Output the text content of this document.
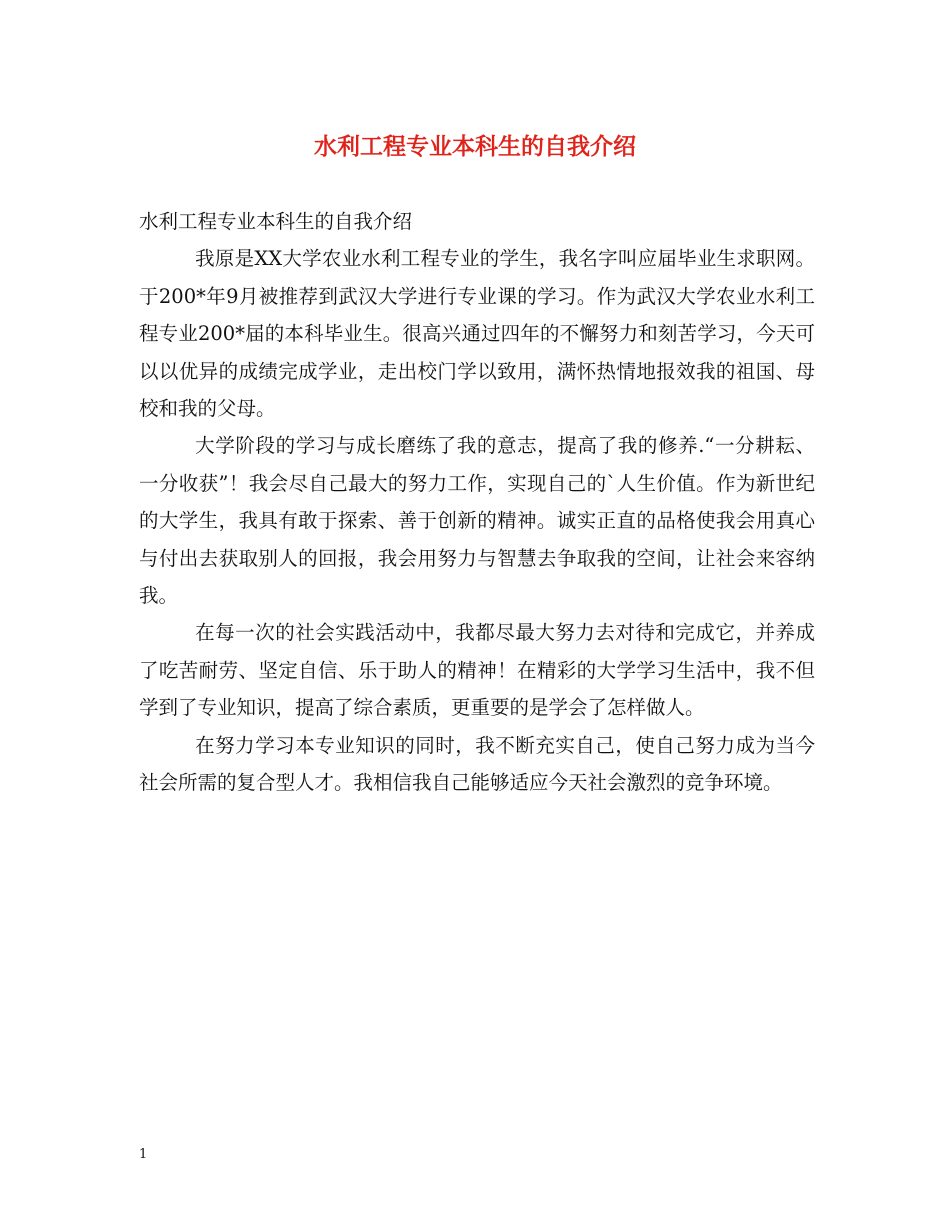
水利工程专业本科生的自我介绍

水利工程专业本科生的自我介绍

我原是XX大学农业水利工程专业的学生，我名字叫应届毕业生求职网。于200*年9月被推荐到武汉大学进行专业课的学习。作为武汉大学农业水利工程专业200*届的本科毕业生。很高兴通过四年的不懈努力和刻苦学习，今天可以以优异的成绩完成学业，走出校门学以致用，满怀热情地报效我的祖国、母校和我的父母。

大学阶段的学习与成长磨练了我的意志，提高了我的修养.“一分耕耘、一分收获”！我会尽自己最大的努力工作，实现自己的`人生价值。作为新世纪的大学生，我具有敢于探索、善于创新的精神。诚实正直的品格使我会用真心与付出去获取别人的回报，我会用努力与智慧去争取我的空间，让社会来容纳我。

在每一次的社会实践活动中，我都尽最大努力去对待和完成它，并养成了吃苦耐劳、坚定自信、乐于助人的精神！在精彩的大学学习生活中，我不但学到了专业知识，提高了综合素质，更重要的是学会了怎样做人。

在努力学习本专业知识的同时，我不断充实自己，使自己努力成为当今社会所需的复合型人才。我相信我自己能够适应今天社会激烈的竞争环境。

1
